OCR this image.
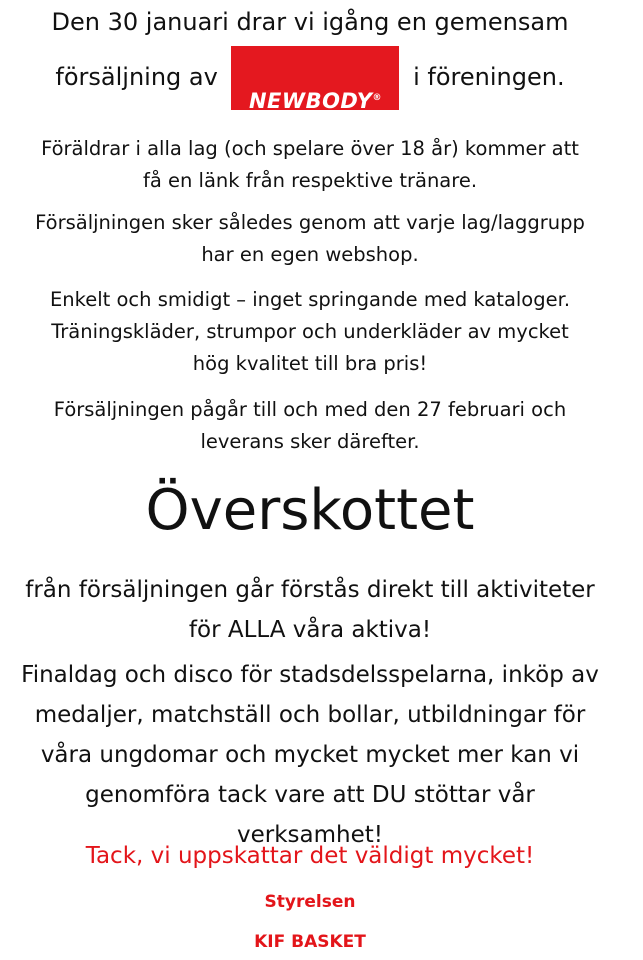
Den 30 januari drar vi igång en gemensam
försäljning av
NEWBODY®
i föreningen.
Föräldrar i alla lag (och spelare över 18 år) kommer att
få en länk från respektive tränare.
Försäljningen sker således genom att varje lag/laggrupp
har en egen webshop.
Enkelt och smidigt – inget springande med kataloger.
Träningskläder, strumpor och underkläder av mycket
hög kvalitet till bra pris!
Försäljningen pågår till och med den 27 februari och
leverans sker därefter.
Överskottet
från försäljningen går förstås direkt till aktiviteter
för ALLA våra aktiva!
Finaldag och disco för stadsdelsspelarna, inköp av
medaljer, matchställ och bollar, utbildningar för
våra ungdomar och mycket mycket mer kan vi
genomföra tack vare att DU stöttar vår
verksamhet!
Tack, vi uppskattar det väldigt mycket!
Styrelsen
KIF BASKET
